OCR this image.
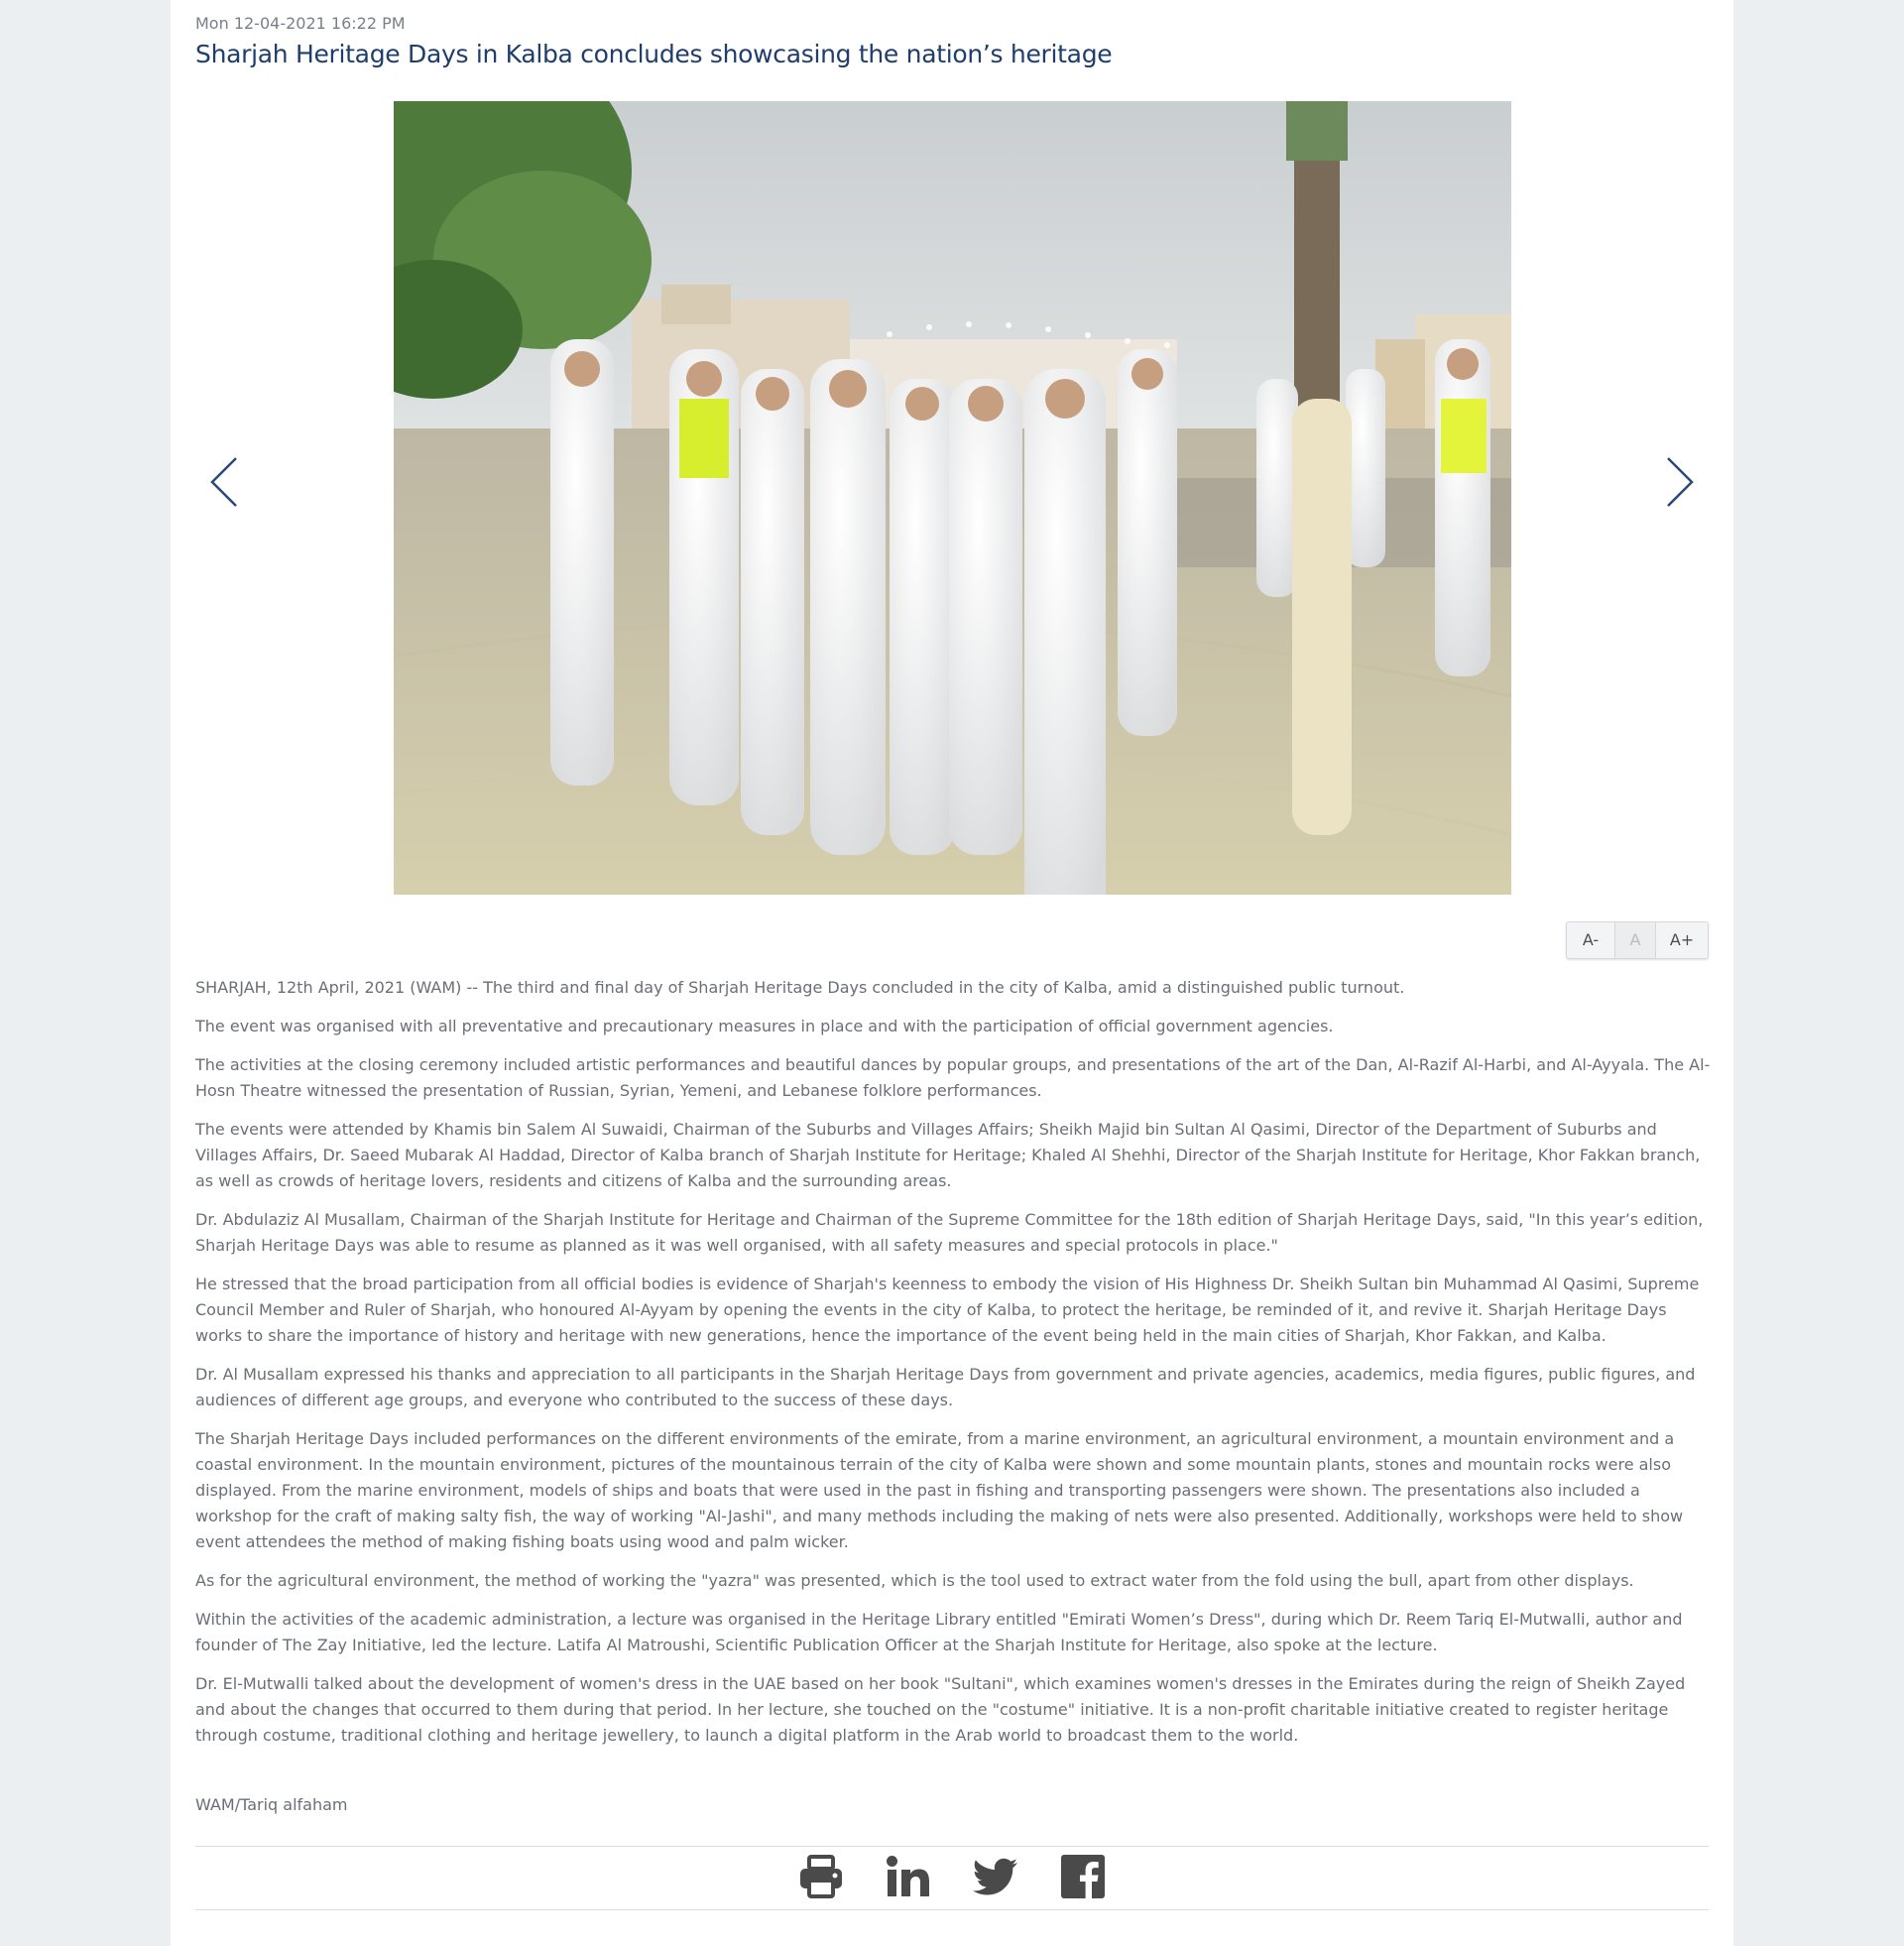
Mon 12-04-2021 16:22 PM
Sharjah Heritage Days in Kalba concludes showcasing the nation’s heritage
A-	A	A+

SHARJAH, 12th April, 2021 (WAM) -- The third and final day of Sharjah Heritage Days concluded in the city of Kalba, amid a distinguished public turnout.

The event was organised with all preventative and precautionary measures in place and with the participation of official government agencies.

The activities at the closing ceremony included artistic performances and beautiful dances by popular groups, and presentations of the art of the Dan, Al-Razif Al-Harbi, and Al-Ayyala. The Al-Hosn Theatre witnessed the presentation of Russian, Syrian, Yemeni, and Lebanese folklore performances.

The events were attended by Khamis bin Salem Al Suwaidi, Chairman of the Suburbs and Villages Affairs; Sheikh Majid bin Sultan Al Qasimi, Director of the Department of Suburbs and Villages Affairs, Dr. Saeed Mubarak Al Haddad, Director of Kalba branch of Sharjah Institute for Heritage; Khaled Al Shehhi, Director of the Sharjah Institute for Heritage, Khor Fakkan branch, as well as crowds of heritage lovers, residents and citizens of Kalba and the surrounding areas.

Dr. Abdulaziz Al Musallam, Chairman of the Sharjah Institute for Heritage and Chairman of the Supreme Committee for the 18th edition of Sharjah Heritage Days, said, "In this year’s edition, Sharjah Heritage Days was able to resume as planned as it was well organised, with all safety measures and special protocols in place."

He stressed that the broad participation from all official bodies is evidence of Sharjah's keenness to embody the vision of His Highness Dr. Sheikh Sultan bin Muhammad Al Qasimi, Supreme Council Member and Ruler of Sharjah, who honoured Al-Ayyam by opening the events in the city of Kalba, to protect the heritage, be reminded of it, and revive it. Sharjah Heritage Days works to share the importance of history and heritage with new generations, hence the importance of the event being held in the main cities of Sharjah, Khor Fakkan, and Kalba.

Dr. Al Musallam expressed his thanks and appreciation to all participants in the Sharjah Heritage Days from government and private agencies, academics, media figures, public figures, and audiences of different age groups, and everyone who contributed to the success of these days.

The Sharjah Heritage Days included performances on the different environments of the emirate, from a marine environment, an agricultural environment, a mountain environment and a coastal environment. In the mountain environment, pictures of the mountainous terrain of the city of Kalba were shown and some mountain plants, stones and mountain rocks were also displayed. From the marine environment, models of ships and boats that were used in the past in fishing and transporting passengers were shown. The presentations also included a workshop for the craft of making salty fish, the way of working "Al-Jashi", and many methods including the making of nets were also presented. Additionally, workshops were held to show event attendees the method of making fishing boats using wood and palm wicker.

As for the agricultural environment, the method of working the "yazra" was presented, which is the tool used to extract water from the fold using the bull, apart from other displays.

Within the activities of the academic administration, a lecture was organised in the Heritage Library entitled "Emirati Women’s Dress", during which Dr. Reem Tariq El-Mutwalli, author and founder of The Zay Initiative, led the lecture. Latifa Al Matroushi, Scientific Publication Officer at the Sharjah Institute for Heritage, also spoke at the lecture.

Dr. El-Mutwalli talked about the development of women's dress in the UAE based on her book "Sultani", which examines women's dresses in the Emirates during the reign of Sheikh Zayed and about the changes that occurred to them during that period. In her lecture, she touched on the "costume" initiative. It is a non-profit charitable initiative created to register heritage through costume, traditional clothing and heritage jewellery, to launch a digital platform in the Arab world to broadcast them to the world.

WAM/Tariq alfaham
